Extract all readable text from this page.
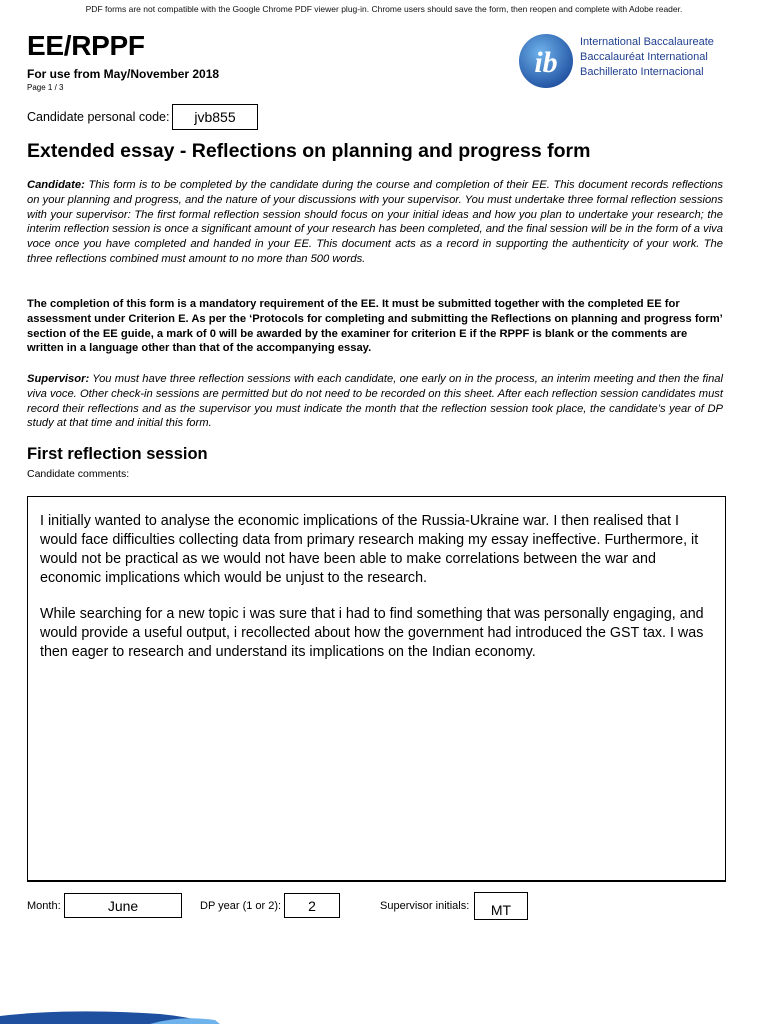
PDF forms are not compatible with the Google Chrome PDF viewer plug-in. Chrome users should save the form, then reopen and complete with Adobe reader.
EE/RPPF
For use from May/November 2018
Page 1 / 3
ib
International Baccalaureate
Baccalauréat International
Bachillerato Internacional
Candidate personal code:	jvb855
Extended essay - Reflections on planning and progress form
Candidate: This form is to be completed by the candidate during the course and completion of their EE. This document records reflections on your planning and progress, and the nature of your discussions with your supervisor. You must undertake three formal reflection sessions with your supervisor: The first formal reflection session should focus on your initial ideas and how you plan to undertake your research; the interim reflection session is once a significant amount of your research has been completed, and the final session will be in the form of a viva voce once you have completed and handed in your EE. This document acts as a record in supporting the authenticity of your work. The three reflections combined must amount to no more than 500 words.
The completion of this form is a mandatory requirement of the EE. It must be submitted together with the completed EE for assessment under Criterion E. As per the ‘Protocols for completing and submitting the Reflections on planning and progress form’ section of the EE guide, a mark of 0 will be awarded by the examiner for criterion E if the RPPF is blank or the comments are written in a language other than that of the accompanying essay.
Supervisor: You must have three reflection sessions with each candidate, one early on in the process, an interim meeting and then the final viva voce. Other check-in sessions are permitted but do not need to be recorded on this sheet. After each reflection session candidates must record their reflections and as the supervisor you must indicate the month that the reflection session took place, the candidate’s year of DP study at that time and initial this form.
First reflection session
Candidate comments:

I initially wanted to analyse the economic implications of the Russia-Ukraine war. I then realised that I would face difficulties collecting data from primary research making my essay ineffective. Furthermore, it would not be practical as we would not have been able to make correlations between the war and economic implications which would be unjust to the research.

While searching for a new topic i was sure that i had to find something that was personally engaging, and would provide a useful output, i recollected about how the government had introduced the GST tax. I was then eager to research and understand its implications on the Indian economy.

Month:	June	DP year (1 or 2):	2	Supervisor initials:	MT
